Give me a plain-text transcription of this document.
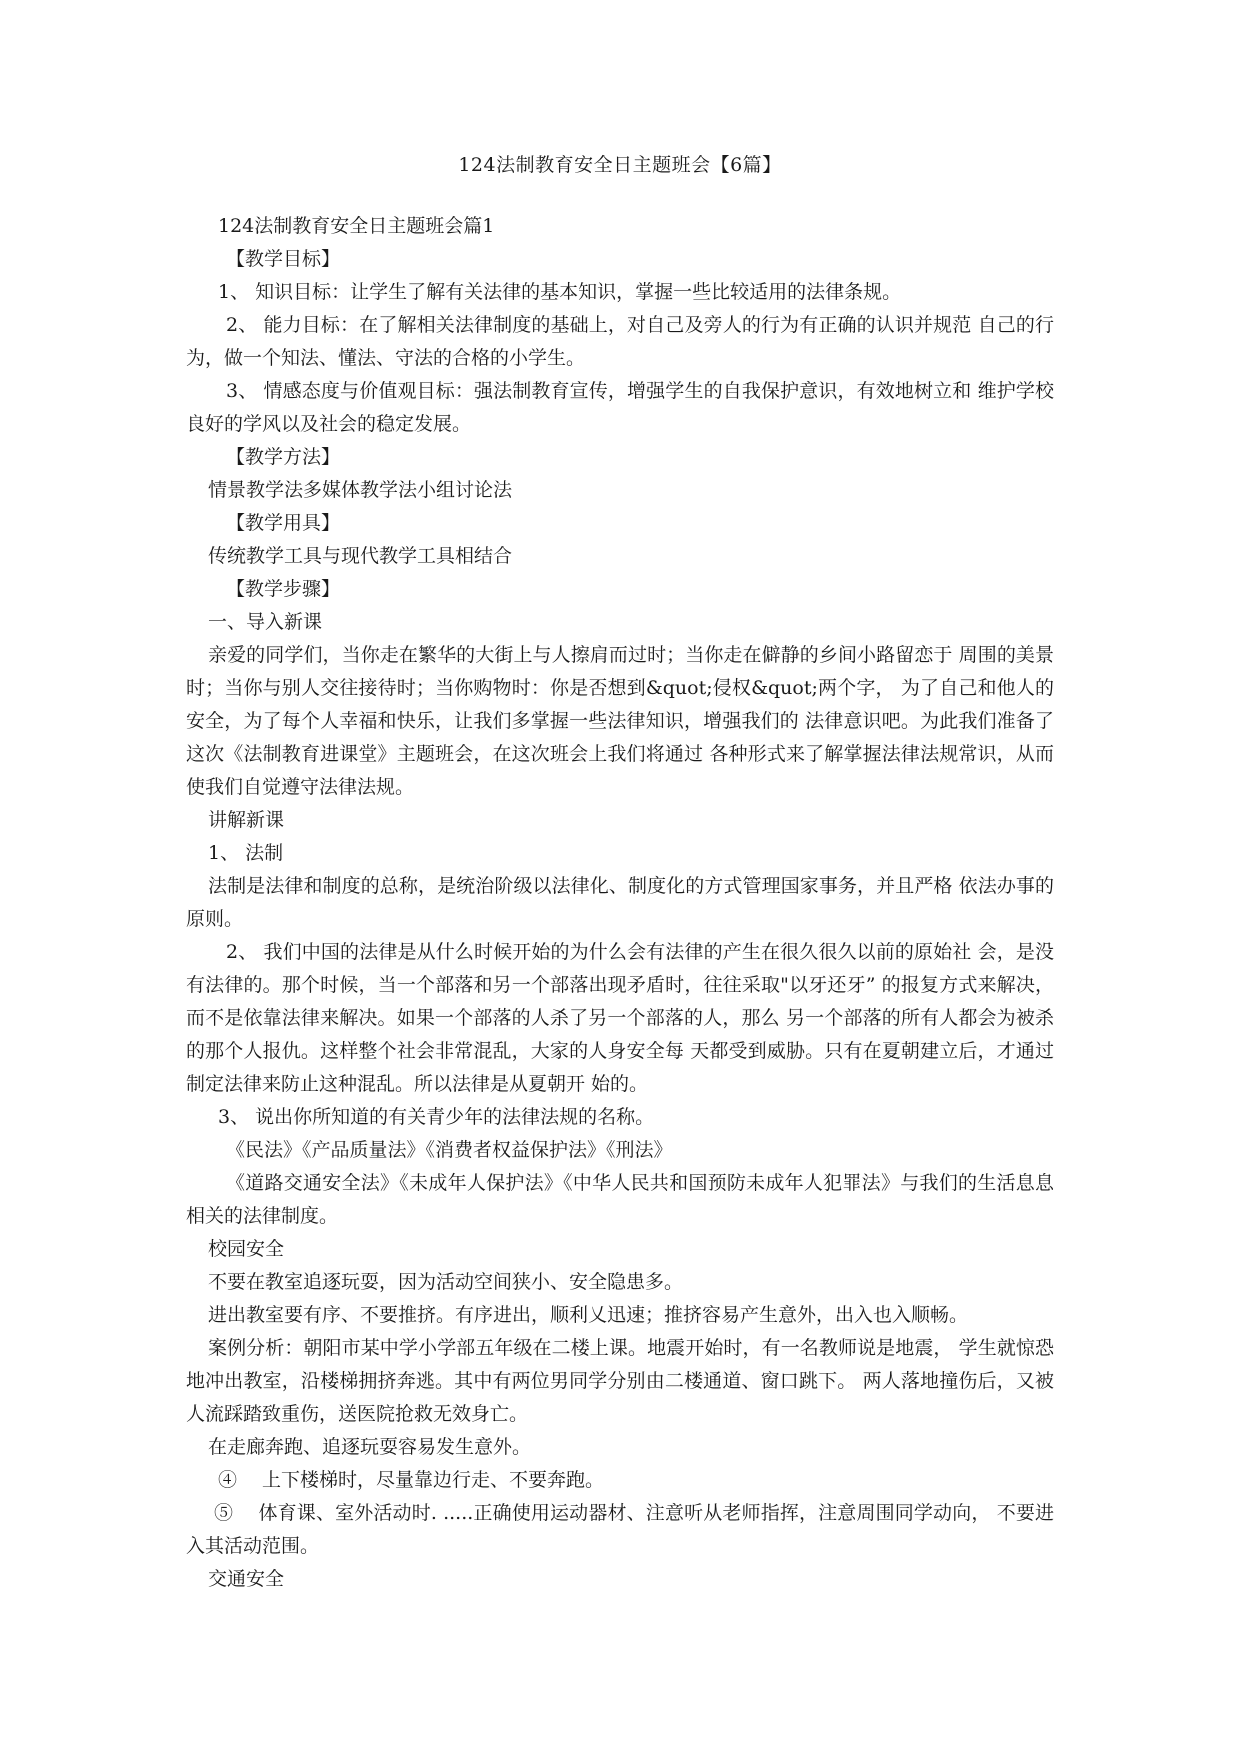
124法制教育安全日主题班会【6篇】

124法制教育安全日主题班会篇1

【教学目标】

1、 知识目标：让学生了解有关法律的基本知识，掌握一些比较适用的法律条规。

2、 能力目标：在了解相关法律制度的基础上，对自己及旁人的行为有正确的认识并规范 自己的行为，做一个知法、懂法、守法的合格的小学生。

3、 情感态度与价值观目标：强法制教育宣传，增强学生的自我保护意识，有效地树立和 维护学校良好的学风以及社会的稳定发展。

【教学方法】

情景教学法多媒体教学法小组讨论法

【教学用具】

传统教学工具与现代教学工具相结合

【教学步骤】

一、导入新课

亲爱的同学们，当你走在繁华的大街上与人擦肩而过时；当你走在僻静的乡间小路留恋于 周围的美景时；当你与别人交往接待时；当你购物时：你是否想到&quot;侵权&quot;两个字， 为了自己和他人的安全，为了每个人幸福和快乐，让我们多掌握一些法律知识，增强我们的 法律意识吧。为此我们准备了这次《法制教育进课堂》主题班会，在这次班会上我们将通过 各种形式来了解掌握法律法规常识，从而使我们自觉遵守法律法规。

讲解新课

1、 法制

法制是法律和制度的总称，是统治阶级以法律化、制度化的方式管理国家事务，并且严格 依法办事的原则。

2、 我们中国的法律是从什么时候开始的为什么会有法律的产生在很久很久以前的原始社 会，是没有法律的。那个时候，当一个部落和另一个部落出现矛盾时，往往采取"以牙还牙” 的报复方式来解决，而不是依靠法律来解决。如果一个部落的人杀了另一个部落的人，那么 另一个部落的所有人都会为被杀的那个人报仇。这样整个社会非常混乱，大家的人身安全每 天都受到威胁。只有在夏朝建立后，才通过制定法律来防止这种混乱。所以法律是从夏朝开 始的。

3、 说出你所知道的有关青少年的法律法规的名称。

《民法》《产品质量法》《消费者权益保护法》《刑法》

《道路交通安全法》《未成年人保护法》《中华人民共和国预防未成年人犯罪法》与我们的生活息息相关的法律制度。

校园安全

不要在教室追逐玩耍，因为活动空间狭小、安全隐患多。

进出教室要有序、不要推挤。有序进出，顺利乂迅速；推挤容易产生意外，出入也入顺畅。

案例分析：朝阳市某中学小学部五年级在二楼上课。地震开始时，有一名教师说是地震， 学生就惊恐地冲出教室，沿楼梯拥挤奔逃。其中有两位男同学分别由二楼通道、窗口跳下。 两人落地撞伤后，又被人流踩踏致重伤，送医院抢救无效身亡。

在走廊奔跑、追逐玩耍容易发生意外。

④　 上下楼梯时，尽量靠边行走、不要奔跑。

⑤　 体育课、室外活动时. .....正确使用运动器材、注意听从老师指挥，注意周围同学动向， 不要进入其活动范围。

交通安全
